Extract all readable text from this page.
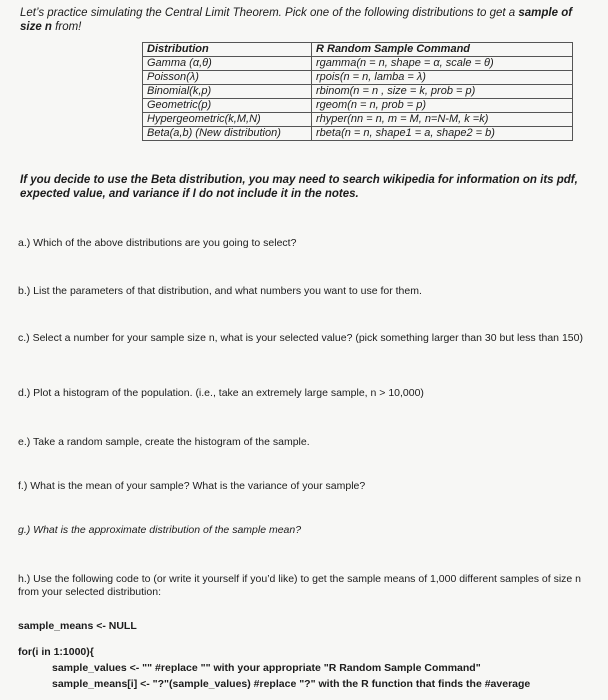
Let’s practice simulating the Central Limit Theorem. Pick one of the following distributions to get a sample of size n from!
Distribution	R Random Sample Command
Gamma (α,θ)	rgamma(n = n, shape = α, scale = θ)
Poisson(λ)	rpois(n = n, lamba = λ)
Binomial(k,p)	rbinom(n = n , size = k, prob = p)
Geometric(p)	rgeom(n = n, prob = p)
Hypergeometric(k,M,N)	rhyper(nn = n, m = M, n=N-M, k =k)
Beta(a,b) (New distribution)	rbeta(n = n, shape1 = a, shape2 = b)
If you decide to use the Beta distribution, you may need to search wikipedia for information on its pdf, expected value, and variance if I do not include it in the notes.
a.) Which of the above distributions are you going to select?
b.) List the parameters of that distribution, and what numbers you want to use for them.
c.) Select a number for your sample size n, what is your selected value? (pick something larger than 30 but less than 150)
d.) Plot a histogram of the population. (i.e., take an extremely large sample, n > 10,000)
e.) Take a random sample, create the histogram of the sample.
f.) What is the mean of your sample? What is the variance of your sample?
g.) What is the approximate distribution of the sample mean?
h.) Use the following code to (or write it yourself if you’d like) to get the sample means of 1,000 different samples of size n from your selected distribution:
sample_means <- NULL
for(i in 1:1000){
sample_values <- "" #replace "" with your appropriate "R Random Sample Command"
sample_means[i] <- "?"(sample_values) #replace "?" with the R function that finds the #average
